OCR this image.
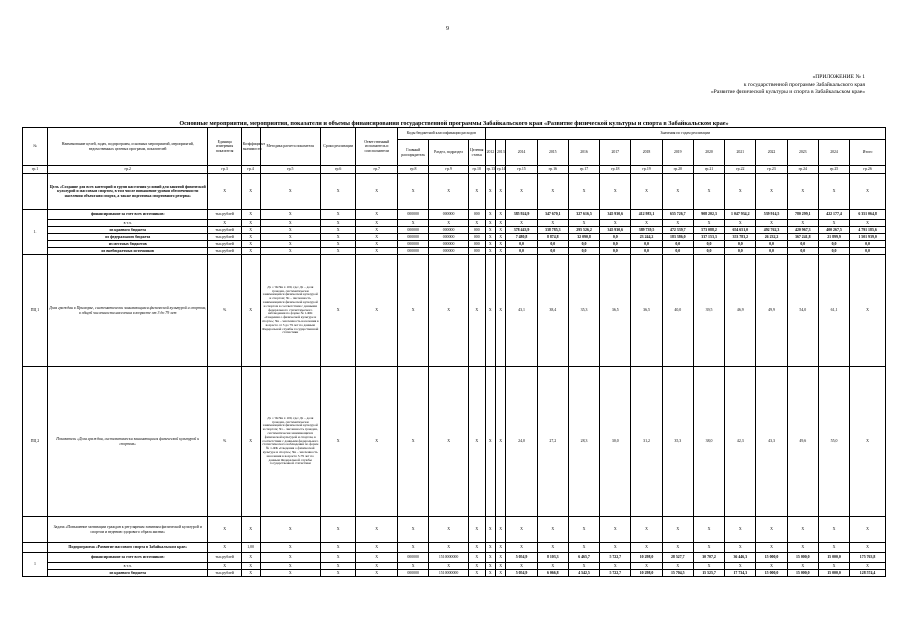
9
«ПРИЛОЖЕНИЕ № 1
к государственной программе Забайкальского края
«Развитие физической культуры и спорта в Забайкальском крае»
Основные мероприятия, мероприятия, показатели и объемы финансирования государственной программы Забайкальского края «Развитие физической культуры и спорта в Забайкальском крае»
№	Наименование целей, задач, подпрограмм, основных мероприятий, мероприятий, ведомственных целевых программ, показателей	Единица измерения показателя	Коэффициент значимости	Методика расчета показателя	Сроки реализации	Ответственный исполнитель и соисполнители	Коды бюджетной классификации расходов			Значения по годам реализации													
							Главный распорядитель	Раздел, подраздел	Целевая статья	2012	2013	2014	2015	2016	2017	2018	2019	2020	2021	2022	2023	2024	Итого
гр.1	гр.2	гр.3	гр.4	гр.5	гр.6	гр.7	гр.8	гр.9	гр.10	гр.13	гр.14	гр.15	гр.16	гр.17	гр.18	гр.19	гр.20	гр.21	гр.22	гр.23	гр.24	гр.25	гр.26
	Цель «Создание для всех категорий и групп населения условий для занятий физической культурой и массовым спортом, в том числе повышение уровня обеспеченности населения объектами спорта, а также подготовка спортивного резерва»	X	X	X	X	X	X	X	X	X	X	X	X	X	X	X	X	X	X	X	X	X	X
1.	финансирование за счет всех источников:	тыс.рублей	X	X	X	X	000000	000000	000	X	X	385 924,9	347 670,1	327 616,5	345 930,6	412 983,1	655 726,7	908 202,3	1 047 934,2	539 914,5	780 299,1	422 177,4	6 351 064,8
	в т.ч.	X	X	X	X	X	X	X	X	X	X	X	X	X	X	X	X	X	X	X	X	X	X
	из краевого бюджета	тыс.рублей	X	X	X	X	000000	000000	000	X	X	378 443,9	338 785,3	295 526,2	345 930,6	389 739,5	472 339,7	573 088,2	654 651,0	492 762,3	420 967,3	400 267,5	4 791 185,6
	из федерального бюджета	тыс.рублей	X	X	X	X	000000	000000	000	X	X	7 480,8	8 874,8	32 090,8	0,0	23 244,2	183 386,0	337 153,3	353 783,2	26 232,2	367 241,8	21 899,9	1 501 939,0
	из местных бюджетов	тыс.рублей	X	X	X	X	000000	000000	000	X	X	0,0	0,0	0,0	0,0	0,0	0,0	0,0	0,0	0,0	0,0	0,0	0,0
	из внебюджетных источников	тыс.рублей	X	X	X	X	000000	000000	000	X	X	0,0	0,0	0,0	0,0	0,0	0,0	0,0	0,0	0,0	0,0	0,0	0,0
ПЦ 1	Доля граждан в Приморье, систематически занимающихся физической культурой и спортом, в общей численности населения в возрасте от 3 до 79 лет	%	X	Дз = Чз/Чн x 100, где: Дз – доля граждан, систематически занимающихся физической культурой и спортом; Чз – численность занимающихся физической культурой и спортом в соответствии с данными федерального статистического наблюдения по форме № 1-ФК «Сведения о физической культуре и спорте»; Чн – численность населения в возрасте от 3 до 79 лет по данным Федеральной службы государственной статистики	X	X	X	X	X	X	X	43,1	38,4	35,3	36,5	36,5	40,0	39,5	46,9	49,9	54,0	61,1	X
ПЦ 2	Показатель «Доля граждан, систематически занимающихся физической культурой и спортом»	%	X	Дз = Чз/Чн x 100, где: Дз – доля граждан, систематически занимающихся физической культурой и спортом; Чз – численность граждан, систематически занимающихся физической культурой и спортом, в соответствии с данными федерального статистического наблюдения по форме № 1-ФК «Сведения о физической культуре и спорте»; Чн – численность населения в возрасте 3-79 лет по данным Федеральной службы государственной статистики	X	X	X	X	X	X	X	24,0	27,2	28,3	30,0	31,2	35,3	38,0	42,3	43,3	49,6	55,0	X
	Задача «Повышение мотивации граждан к регулярным занятиям физической культурой и спортом и ведению здорового образа жизни»	X	X	X	X	X	X	X	X	X	X	X	X	X	X	X	X	X	X	X	X	X	X
	Подпрограмма «Развитие массового спорта в Забайкальском крае»	X	1,00	X	X	X	X	X	X	X	X	X	X	X	X	X	X	X	X	X	X	X	X
1	финансирование за счет всех источников:	тыс.рублей	X	X	X	X	000000	1510000000	X	X	X	5 054,9	8 103,3	6 465,7	5 722,7	10 298,0	28 527,7	30 707,2	36 446,3	15 000,0	15 000,0	15 000,0	175 763,8
	в т.ч.	X	X	X	X	X	X	X	X	X	X	X	X	X	X	X	X	X	X	X	X	X	X
	из краевого бюджета	тыс.рублей	X	X	X	X	000000	1510000000	X	X	X	5 054,9	6 066,8	4 542,5	5 722,7	10 298,0	15 704,5	15 525,7	17 734,3	15 000,0	15 000,0	15 000,0	128 574,4
